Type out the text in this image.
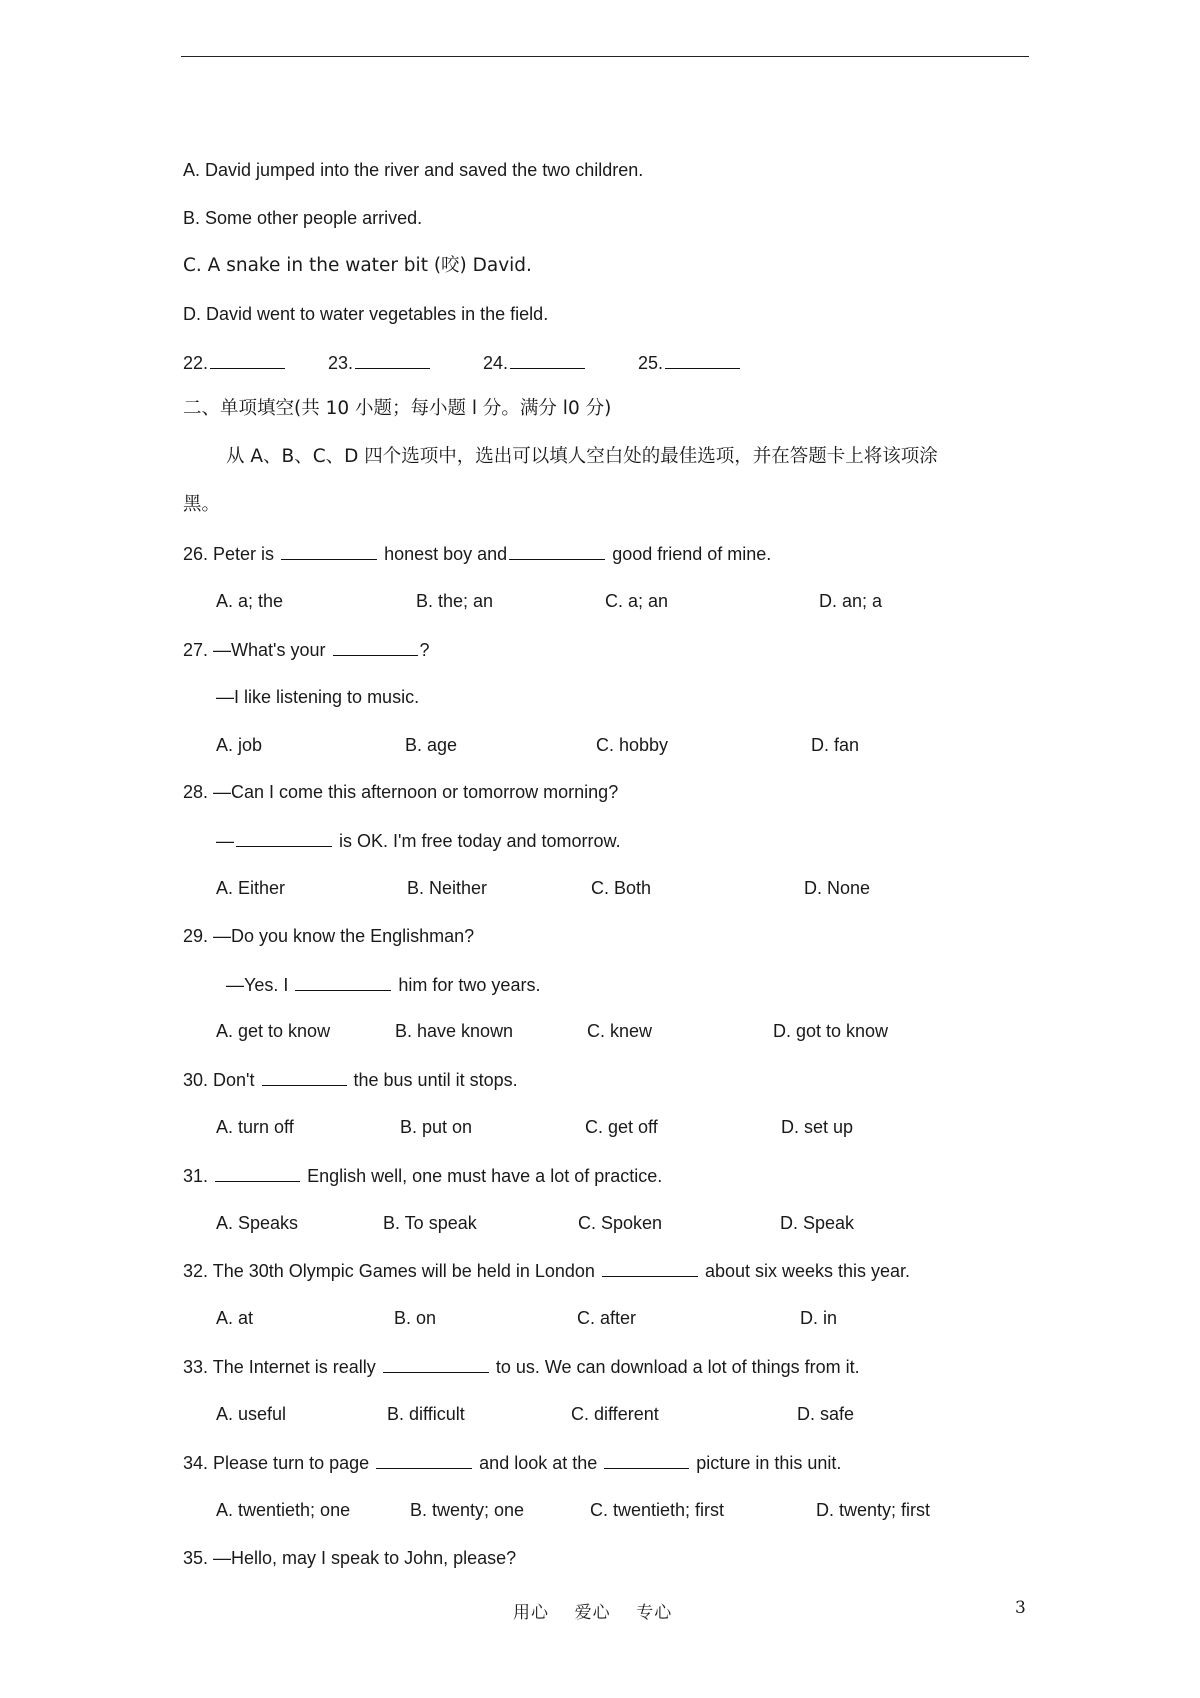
A. David jumped into the river and saved the two children.
B. Some other people arrived.
C. A snake in the water bit (咬) David.
D. David went to water vegetables in the field.
22.	23.	24.	25.
二、单项填空(共 10 小题；每小题 l 分。满分 l0 分)
从 A、B、C、D 四个选项中，选出可以填人空白处的最佳选项，并在答题卡上将该项涂
黑。
26. Peter is	honest boy and	good friend of mine.
A. a; the	B. the; an	C. a; an	D. an; a
27. —What's your	?
—I like listening to music.
A. job	B. age	C. hobby	D. fan
28. —Can I come this afternoon or tomorrow morning?
—	is OK. I'm free today and tomorrow.
A. Either	B. Neither	C. Both	D. None
29. —Do you know the Englishman?
—Yes. I	him for two years.
A. get to know	B. have known	C. knew	D. got to know
30. Don't	the bus until it stops.
A. turn off	B. put on	C. get off	D. set up
31.	English well, one must have a lot of practice.
A. Speaks	B. To speak	C. Spoken	D. Speak
32. The 30th Olympic Games will be held in London	about six weeks this year.
A. at	B. on	C. after	D. in
33. The Internet is really	to us. We can download a lot of things from it.
A. useful	B. difficult	C. different	D. safe
34. Please turn to page	and look at the	picture in this unit.
A. twentieth; one	B. twenty; one	C. twentieth; first	D. twenty; first
35. —Hello, may I speak to John, please?
用心    爱心    专心	3
